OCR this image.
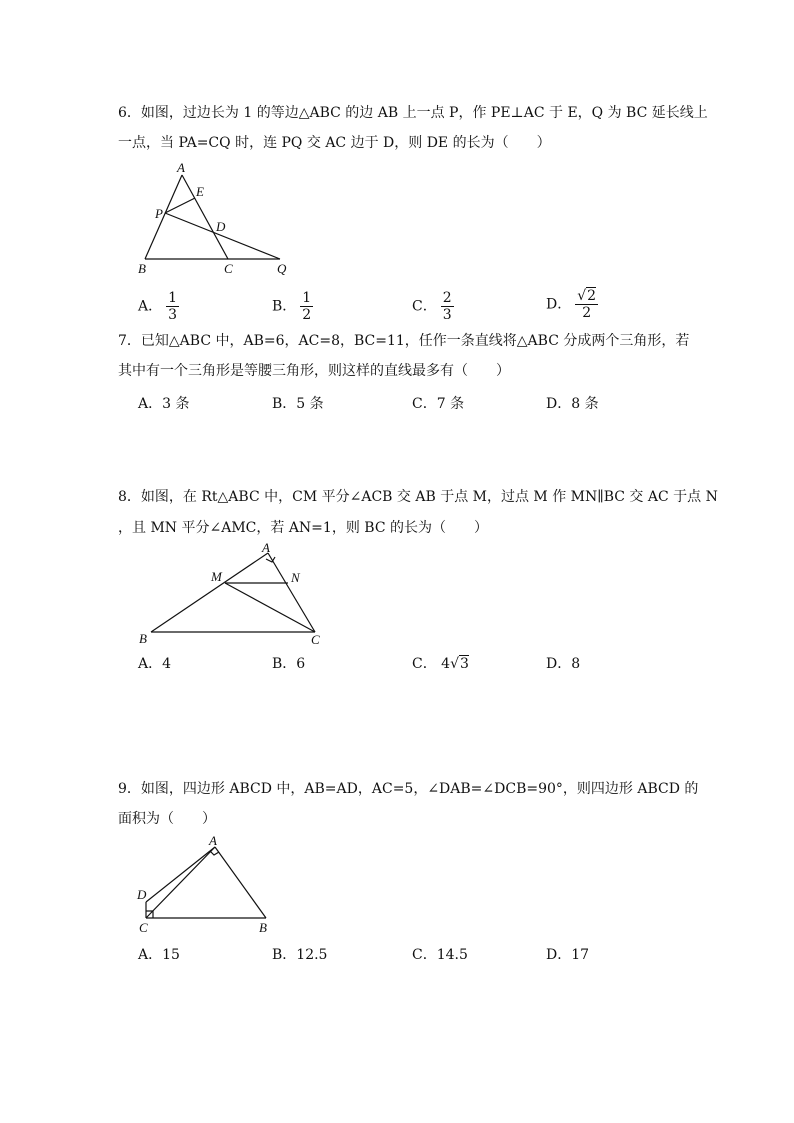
6．如图，过边长为 1 的等边△ABC 的边 AB 上一点 P，作 PE⊥AC 于 E，Q 为 BC 延长线上
一点，当 PA=CQ 时，连 PQ 交 AC 边于 D，则 DE 的长为（　　）
A
E
P
D
B	C	Q
A． $\frac{1}{3}$	B． $\frac{1}{2}$	C． $\frac{2}{3}$	D． $\frac{√2}{2}$
7．已知△ABC 中，AB=6，AC=8，BC=11，任作一条直线将△ABC 分成两个三角形，若
其中有一个三角形是等腰三角形，则这样的直线最多有（　　）
A．3 条	B．5 条	C．7 条	D．8 条
8．如图，在 Rt△ABC 中，CM 平分∠ACB 交 AB 于点 M，过点 M 作 MN∥BC 交 AC 于点 N
，且 MN 平分∠AMC，若 AN=1，则 BC 的长为（　　）
A
M	N
B	C
A．4	B．6	C． 4√3	D．8
9．如图，四边形 ABCD 中，AB=AD，AC=5，∠DAB=∠DCB=90°，则四边形 ABCD 的
面积为（　　）
A
D
C	B
A．15	B．12.5	C．14.5	D．17
